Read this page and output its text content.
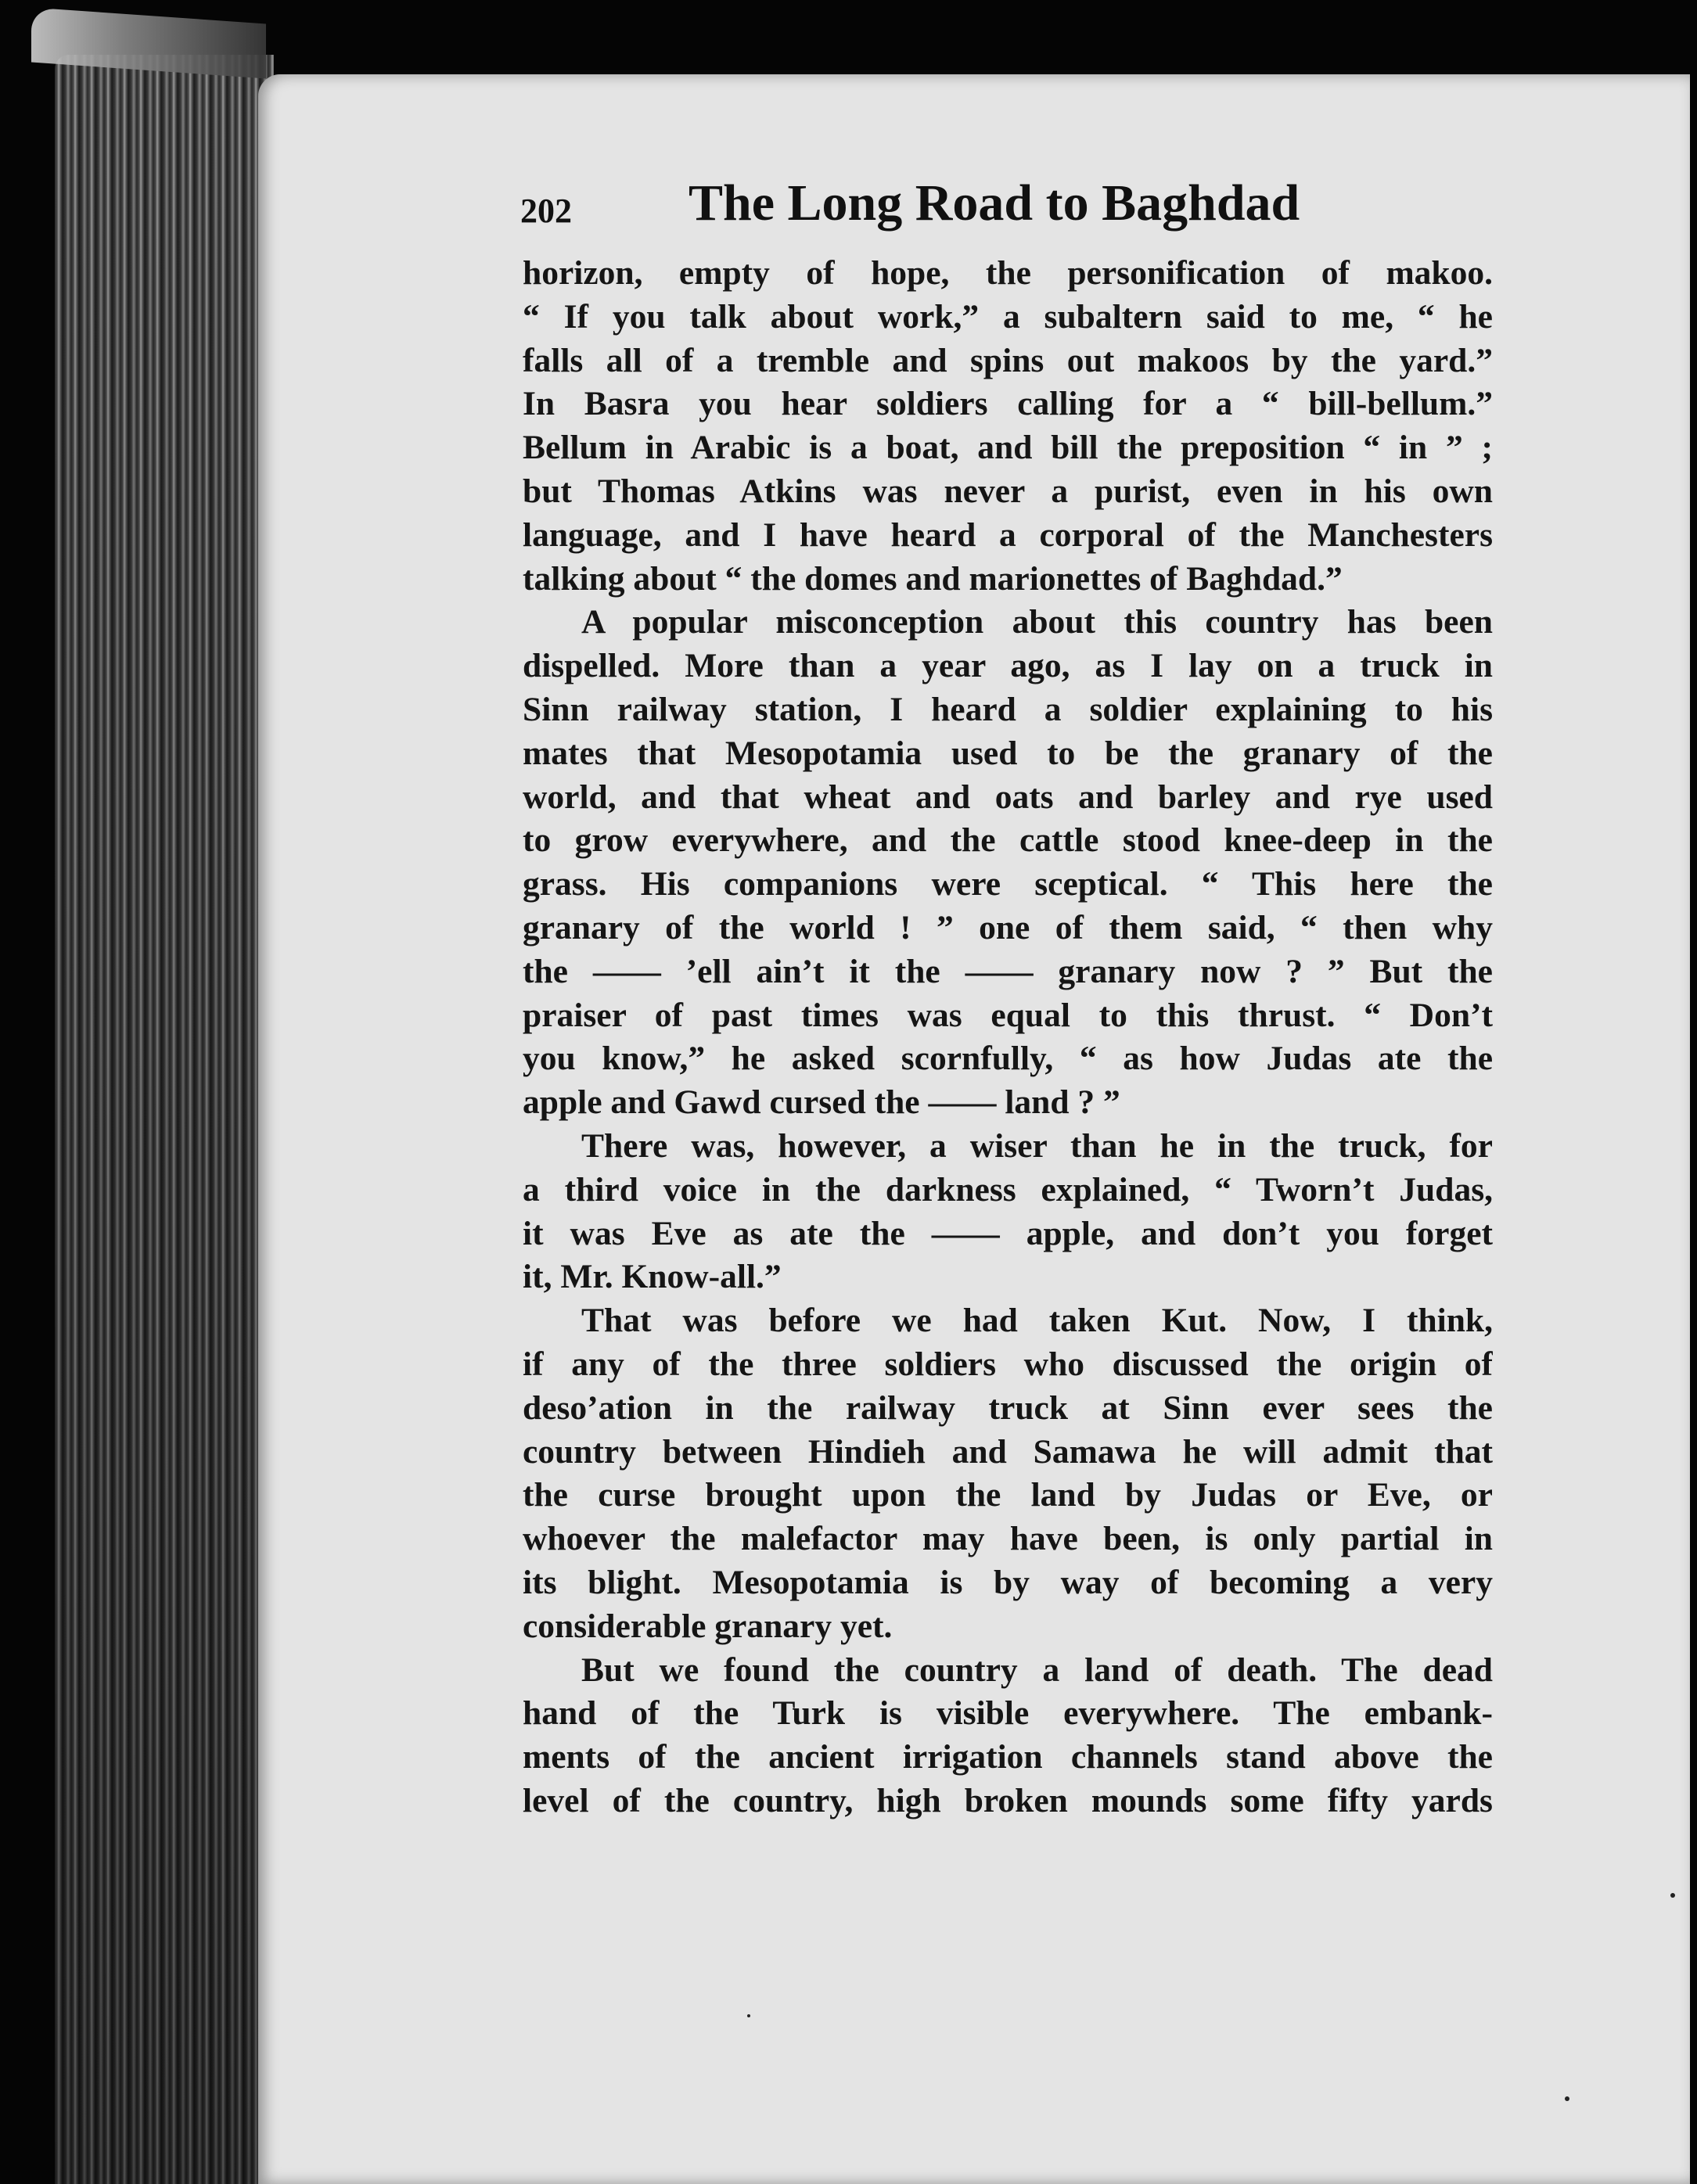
202 The Long Road to Baghdad
horizon, empty of hope, the personification of makoo.
“ If you talk about work,” a subaltern said to me, “ he
falls all of a tremble and spins out makoos by the yard.”
In Basra you hear soldiers calling for a “ bill-bellum.”
Bellum in Arabic is a boat, and bill the preposition “ in ” ;
but Thomas Atkins was never a purist, even in his own
language, and I have heard a corporal of the Manchesters
talking about “ the domes and marionettes of Baghdad.”
A popular misconception about this country has been
dispelled. More than a year ago, as I lay on a truck in
Sinn railway station, I heard a soldier explaining to his
mates that Mesopotamia used to be the granary of the
world, and that wheat and oats and barley and rye used
to grow everywhere, and the cattle stood knee-deep in the
grass. His companions were sceptical. “ This here the
granary of the world ! ” one of them said, “ then why
the —— ’ell ain’t it the —— granary now ? ” But the
praiser of past times was equal to this thrust. “ Don’t
you know,” he asked scornfully, “ as how Judas ate the
apple and Gawd cursed the —— land ? ”
There was, however, a wiser than he in the truck, for
a third voice in the darkness explained, “ Tworn’t Judas,
it was Eve as ate the —— apple, and don’t you forget
it, Mr. Know-all.”
That was before we had taken Kut. Now, I think,
if any of the three soldiers who discussed the origin of
deso’ation in the railway truck at Sinn ever sees the
country between Hindieh and Samawa he will admit that
the curse brought upon the land by Judas or Eve, or
whoever the malefactor may have been, is only partial in
its blight. Mesopotamia is by way of becoming a very
considerable granary yet.
But we found the country a land of death. The dead
hand of the Turk is visible everywhere. The embank-
ments of the ancient irrigation channels stand above the
level of the country, high broken mounds some fifty yards
